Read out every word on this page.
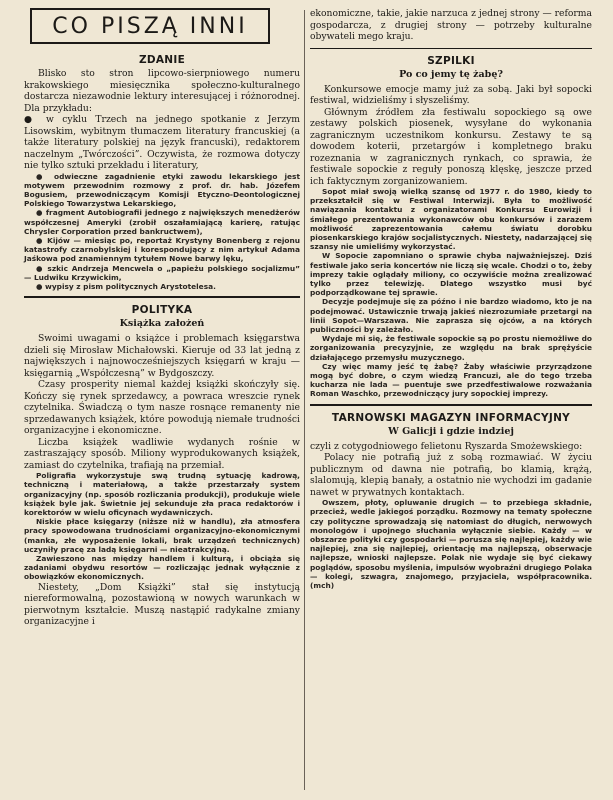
CO PISZĄ INNI
ZDANIE

Blisko sto stron lipcowo-sierpniowego numeru krakowskiego miesięcznika społeczno-kulturalnego dostarcza niezawodnie lektury interesującej i różnorodnej. Dla przykładu:

● w cyklu Trzech na jednego spotkanie z Jerzym Lisowskim, wybitnym tłumaczem literatury francuskiej (a także literatury polskiej na język francuski), redaktorem naczelnym „Twórczości”. Oczywista, że rozmowa dotyczy nie tylko sztuki przekładu i literatury,

● odwieczne zagadnienie etyki zawodu lekarskiego jest motywem przewodnim rozmowy z prof. dr. hab. Józefem Bogusiem, przewodniczącym Komisji Etyczno-Deontologicznej Polskiego Towarzystwa Lekarskiego,

● fragment Autobiografii jednego z największych menedżerów współczesnej Ameryki (zrobił oszałamiającą karierę, ratując Chrysler Corporation przed bankructwem),

● Kijów — miesiąc po, reportaż Krystyny Bonenberg z rejonu katastrofy czarnobylskiej i korespondujący z nim artykuł Adama Jaśkowa pod znamiennym tytułem Nowe barwy lęku,

● szkic Andrzeja Mencwela o „papieżu polskiego socjalizmu” — Ludwiku Krzywickim,

● wypisy z pism politycznych Arystotelesa.

POLITYKA
Książka założeń

Swoimi uwagami o książce i problemach księgarstwa dzieli się Mirosław Michałowski. Kieruje od 33 lat jedną z największych i najnowocześniejszych księgarń w kraju — księgarnią „Współczesną” w Bydgoszczy.

Czasy prosperity niemal każdej książki skończyły się. Kończy się rynek sprzedawcy, a powraca wreszcie rynek czytelnika. Świadczą o tym nasze rosnące remanenty nie sprzedawanych książek, które powodują niemałe trudności organizacyjne i ekonomiczne.

Liczba książek wadliwie wydanych rośnie w zastraszający sposób. Miliony wyprodukowanych książek, zamiast do czytelnika, trafiają na przemiał.

Poligrafia wykorzystuje swą trudną sytuację kadrową, techniczną i materiałową, a także przestarzały system organizacyjny (np. sposób rozliczania produkcji), produkuje wiele książek byle jak. Świetnie jej sekunduje zła praca redaktorów i korektorów w wielu oficynach wydawniczych.

Niskie płace księgarzy (niższe niż w handlu), zła atmosfera pracy spowodowana trudnościami organizacyjno-ekonomicznymi (manka, złe wyposażenie lokali, brak urządzeń technicznych) uczyniły pracę za ladą księgarni — nieatrakcyjną.

Zawieszono nas między handlem i kulturą, i obciąża się zadaniami obydwu resortów — rozliczając jednak wyłącznie z obowiązków ekonomicznych.

Niestety, „Dom Książki” stał się instytucją niereformowalną, pozostawioną w nowych warunkach w pierwotnym kształcie. Muszą nastąpić radykalne zmiany organizacyjne i

ekonomiczne, takie, jakie narzuca z jednej strony — reforma gospodarcza, z drugiej strony — potrzeby kulturalne obywateli mego kraju.

SZPILKI
Po co jemy tę żabę?

Konkursowe emocje mamy już za sobą. Jaki był sopocki festiwal, widzieliśmy i słyszeliśmy.

Głównym źródłem zła festiwalu sopockiego są owe zestawy polskich piosenek, wysyłane do wykonania zagranicznym uczestnikom konkursu. Zestawy te są dowodem koterii, przetargów i kompletnego braku rozeznania w zagranicznych rynkach, co sprawia, że festiwale sopockie z reguły ponoszą klęskę, jeszcze przed ich faktycznym zorganizowaniem.

Sopot miał swoją wielką szansę od 1977 r. do 1980, kiedy to przekształcił się w Festiwal Interwizji. Była to możliwość nawiązania kontaktu z organizatorami Konkursu Eurowizji i śmiałego prezentowania wykonawców obu konkursów i zarazem możliwość zaprezentowania całemu światu dorobku piosenkarskiego krajów socjalistycznych. Niestety, nadarzającej się szansy nie umieliśmy wykorzystać.

W Sopocie zapomniano o sprawie chyba najważniejszej. Dziś festiwale jako seria koncertów nie liczą się wcale. Chodzi o to, żeby imprezy takie oglądały miliony, co oczywiście można zrealizować tylko przez telewizję. Dlatego wszystko musi być podporządkowane tej sprawie.

Decyzje podejmuje się za późno i nie bardzo wiadomo, kto je na podejmować. Ustawicznie trwają jakieś niezrozumiałe przetargi na linii Sopot—Warszawa. Nie zaprasza się ojców, a na których publiczności by zależało.

Wydaje mi się, że festiwale sopockie są po prostu niemożliwe do zorganizowania precyzyjnie, ze względu na brak sprężyście działającego przemysłu muzycznego.

Czy więc mamy jeść tę żabę? Żaby właściwie przyrządzone mogą być dobre, o czym wiedzą Francuzi, ale do tego trzeba kucharza nie lada — puentuje swe przedfestiwalowe rozważania Roman Waschko, przewodniczący jury sopockiej imprezy.

TARNOWSKI MAGAZYN INFORMACYJNY
W Galicji i gdzie indziej

czyli z cotygodniowego felietonu Ryszarda Smożewskiego:

Polacy nie potrafią już z sobą rozmawiać. W życiu publicznym od dawna nie potrafią, bo klamią, krążą, slalomują, klepią banały, a ostatnio nie wychodzi im gadanie nawet w prywatnych kontaktach.

Owszem, płoty, opluwanie drugich — to przebiega składnie, przecież, wedle jakiegoś porządku. Rozmowy na tematy społeczne czy polityczne sprowadzają się natomiast do długich, nerwowych monologów i upojnego słuchania wyłącznie siebie. Każdy — w obszarze polityki czy gospodarki — porusza się najlepiej, każdy wie najlepiej, zna się najlepiej, orientację ma najlepszą, obserwacje najlepsze, wnioski najlepsze. Polak nie wydaje się być ciekawy poglądów, sposobu myślenia, impulsów wyobraźni drugiego Polaka — kolegi, szwagra, znajomego, przyjaciela, współpracownika. (mch)
